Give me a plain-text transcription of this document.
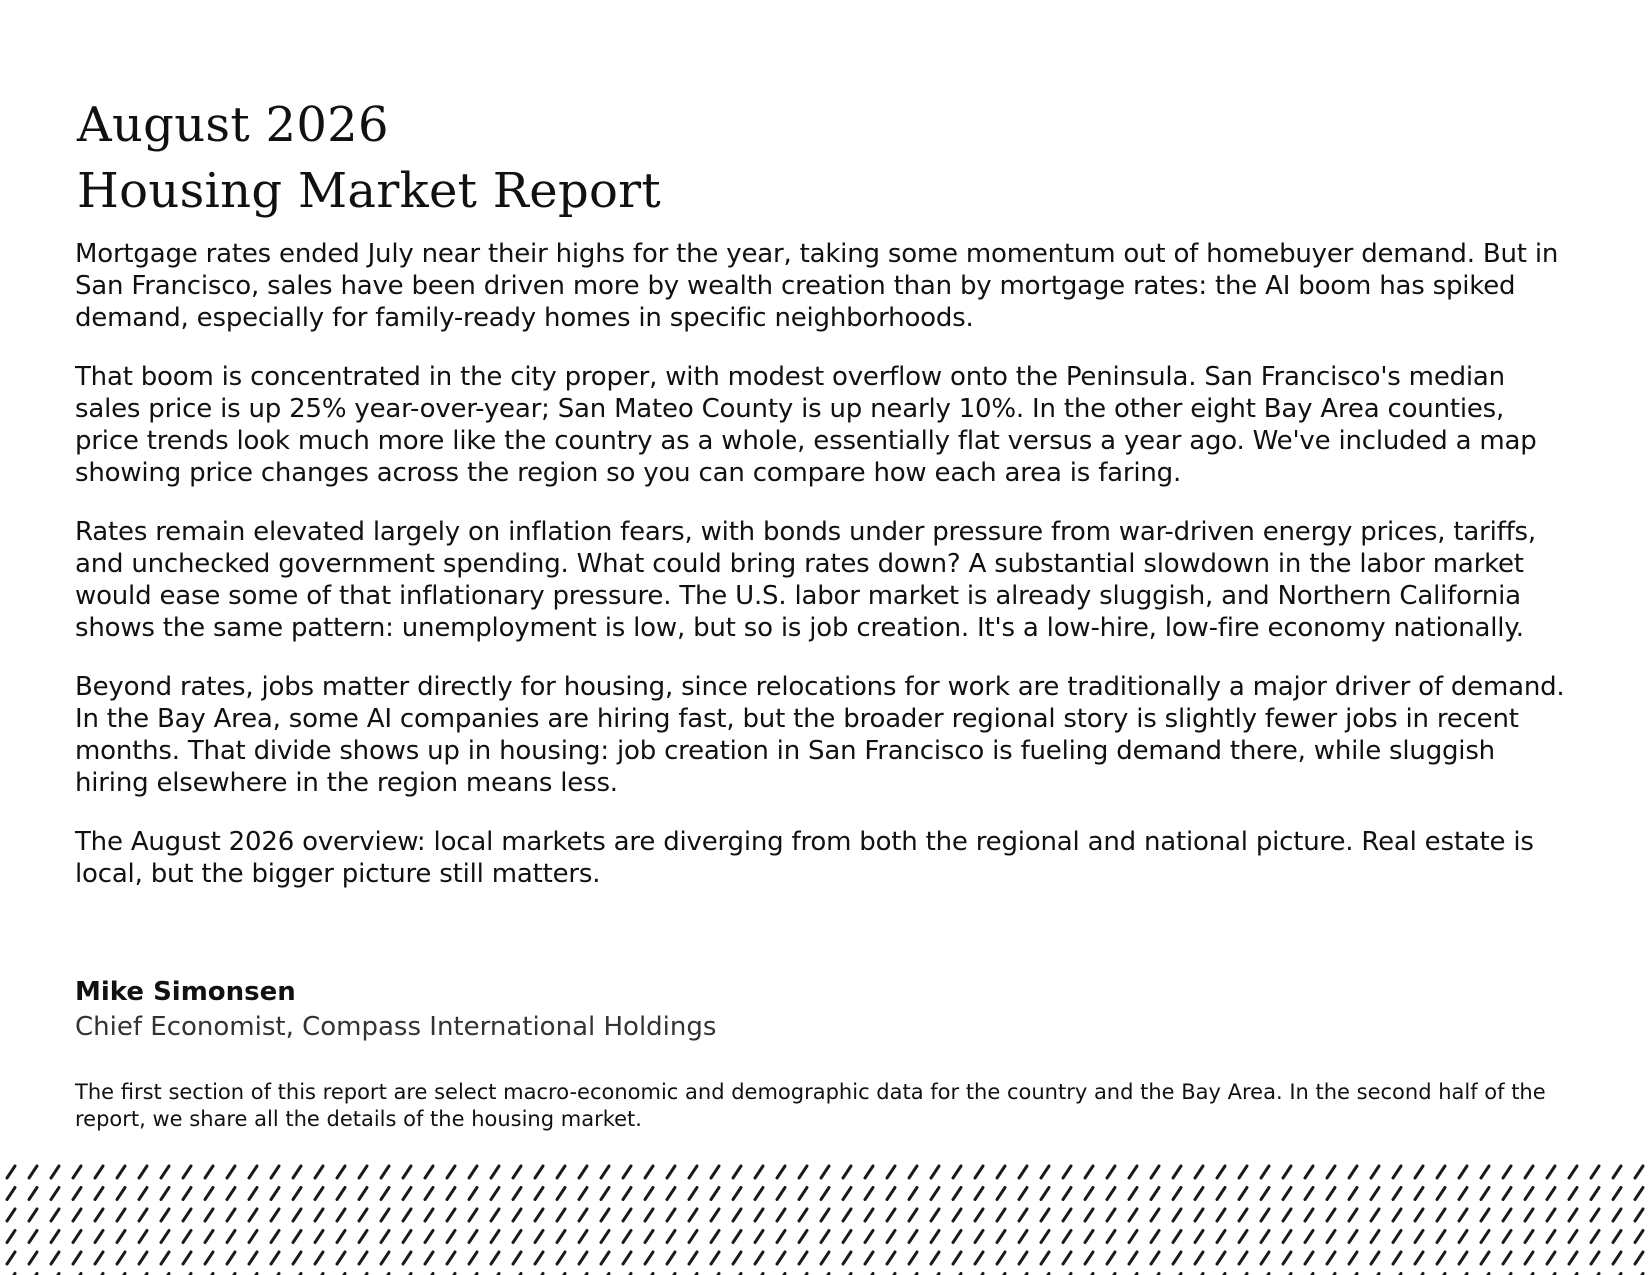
August 2026
Housing Market Report

Mortgage rates ended July near their highs for the year, taking some momentum out of homebuyer demand. But in San Francisco, sales have been driven more by wealth creation than by mortgage rates: the AI boom has spiked demand, especially for family-ready homes in specific neighborhoods.

That boom is concentrated in the city proper, with modest overflow onto the Peninsula. San Francisco's median sales price is up 25% year-over-year; San Mateo County is up nearly 10%. In the other eight Bay Area counties, price trends look much more like the country as a whole, essentially flat versus a year ago. We've included a map showing price changes across the region so you can compare how each area is faring.

Rates remain elevated largely on inflation fears, with bonds under pressure from war-driven energy prices, tariffs, and unchecked government spending. What could bring rates down? A substantial slowdown in the labor market would ease some of that inflationary pressure. The U.S. labor market is already sluggish, and Northern California shows the same pattern: unemployment is low, but so is job creation. It's a low-hire, low-fire economy nationally.

Beyond rates, jobs matter directly for housing, since relocations for work are traditionally a major driver of demand. In the Bay Area, some AI companies are hiring fast, but the broader regional story is slightly fewer jobs in recent months. That divide shows up in housing: job creation in San Francisco is fueling demand there, while sluggish hiring elsewhere in the region means less.

The August 2026 overview: local markets are diverging from both the regional and national picture. Real estate is local, but the bigger picture still matters.

Mike Simonsen
Chief Economist, Compass International Holdings

The first section of this report are select macro-economic and demographic data for the country and the Bay Area. In the second half of the report, we share all the details of the housing market.
